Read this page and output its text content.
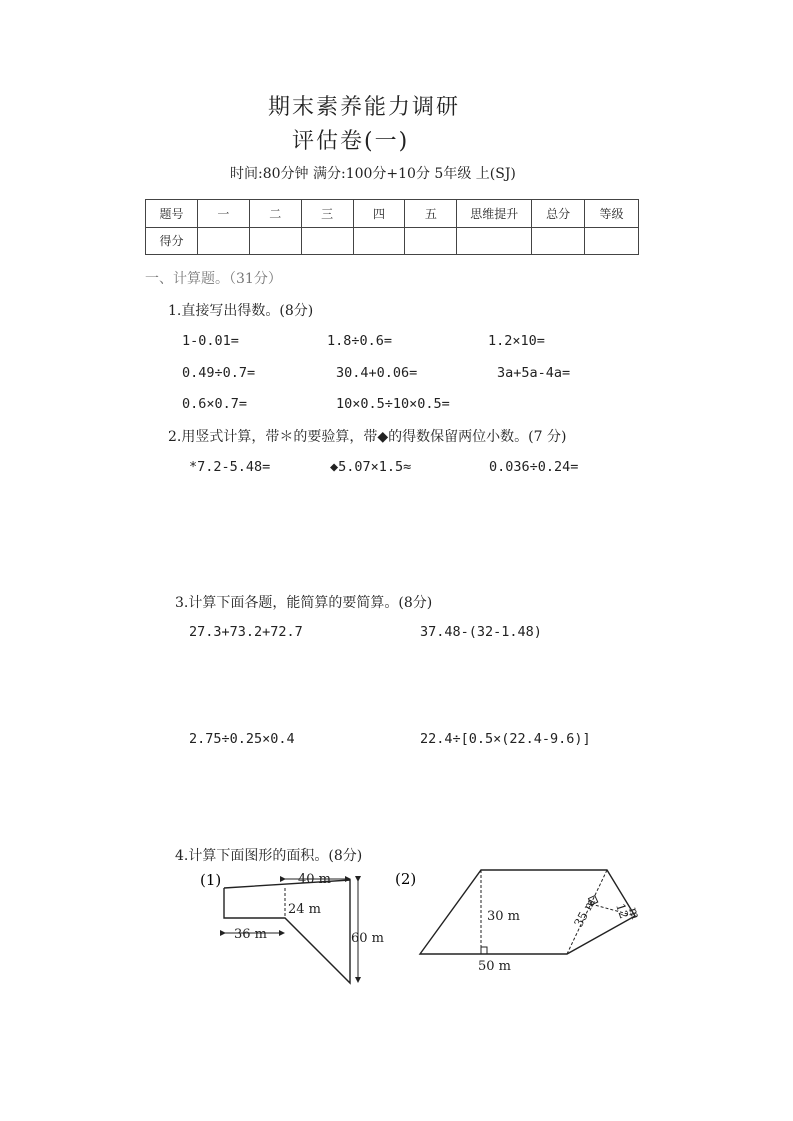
期末素养能力调研
评估卷(一)
时间:80分钟 满分:100分+10分 5年级 上(SJ)
题号	一	二	三	四	五	思维提升	总分	等级
得分								
一、计算题。（31分）
1.直接写出得数。(8分)
1-0.01=	1.8÷0.6=	1.2×10=
0.49÷0.7=	30.4+0.06=	3a+5a-4a=
0.6×0.7=	10×0.5÷10×0.5=
2.用竖式计算，带＊的要验算，带◆的得数保留两位小数。(7 分)
*7.2-5.48=	◆5.07×1.5≈	0.036÷0.24=
3.计算下面各题，能简算的要简算。(8分)
27.3+73.2+72.7	37.48-(32-1.48)
2.75÷0.25×0.4	22.4÷[0.5×(22.4-9.6)]
4.计算下面图形的面积。(8分)
(1)	40 m
24 m
36 m	60 m
(2)
30 m
50 m
35 m 12
m
